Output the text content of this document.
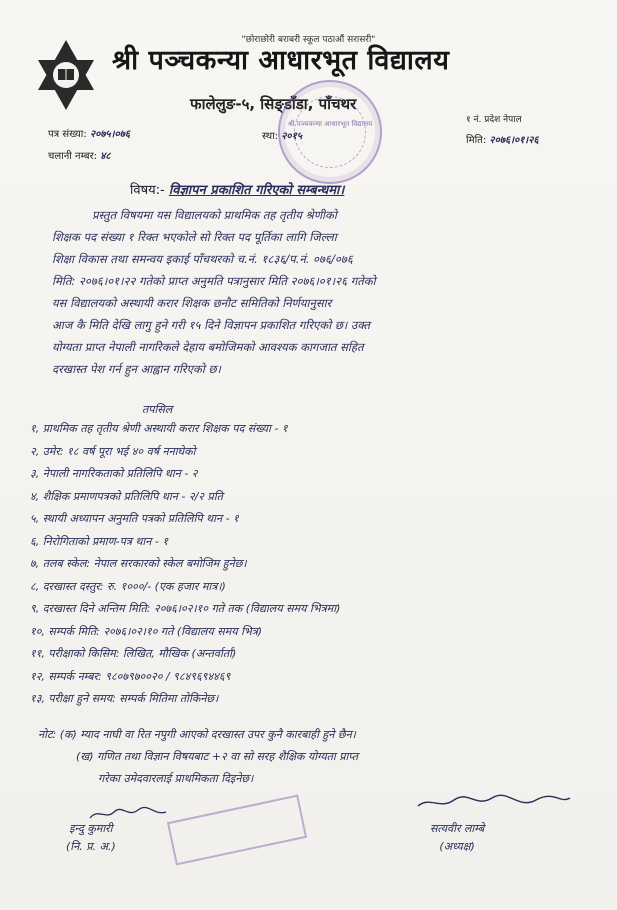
"छोराछोरी बराबरी स्कूल पठाऔं सरासरी"
श्री पञ्चकन्या आधारभूत विद्यालय
फालेलुङ-५, सिङ्डाँडा, पाँचथर
१ नं. प्रदेश नेपाल
श्री पञ्चकन्या आधारभूत विद्यालय
पत्र संख्या: २०७५।०७६
चलानी नम्बर: ४८
स्था: २०१५	मिति: २०७६।०१।२६
विषय:- विज्ञापन प्रकाशित गरिएको सम्बन्धमा।
प्रस्तुत विषयमा यस विद्यालयको प्राथमिक तह तृतीय श्रेणीको
शिक्षक पद संख्या १ रिक्त भएकोले सो रिक्त पद पूर्तिका लागि जिल्ला
शिक्षा विकास तथा समन्वय इकाई पाँचथरको च.नं. १८३६/प.नं. ०७६/०७६
मिति: २०७६।०१।२२ गतेको प्राप्त अनुमति पत्रानुसार मिति २०७६।०१।२६ गतेको
यस विद्यालयको अस्थायी करार शिक्षक छनौट समितिको निर्णयानुसार
आज कै मिति देखि लागु हुने गरी १५ दिने विज्ञापन प्रकाशित गरिएको छ। उक्त
योग्यता प्राप्त नेपाली नागरिकले देहाय बमोजिमको आवश्यक कागजात सहित
दरखास्त पेश गर्न हुन आह्वान गरिएको छ।
तपसिल
१, प्राथमिक तह तृतीय श्रेणी अस्थायी करार शिक्षक पद संख्या - १
२, उमेर: १८ वर्ष पूरा भई ४० वर्ष ननाघेको
३, नेपाली नागरिकताको प्रतिलिपि थान - २
४, शैक्षिक प्रमाणपत्रको प्रतिलिपि थान - २/२ प्रति
५, स्थायी अध्यापन अनुमति पत्रको प्रतिलिपि थान - १
६, निरोगिताको प्रमाण-पत्र थान - १
७, तलब स्केल: नेपाल सरकारको स्केल बमोजिम हुनेछ।
८, दरखास्त दस्तुर: रु. १०००/- (एक हजार मात्र।)
९, दरखास्त दिने अन्तिम मिति: २०७६।०२।१० गते तक (विद्यालय समय भित्रमा)
१०, सम्पर्क मिति: २०७६।०२।१० गते (विद्यालय समय भित्र)
११, परीक्षाको किसिम: लिखित, मौखिक (अन्तर्वार्ता)
१२, सम्पर्क नम्बर: ९८०७९७००२० / ९८४९६९४४६९
१३, परीक्षा हुने समय: सम्पर्क मितिमा तोकिनेछ।
नोट: (क) म्याद नाघी वा रित नपुगी आएको दरखास्त उपर कुनै कारबाही हुने छैन।
(ख) गणित तथा विज्ञान विषयबाट +२ वा सो सरह शैक्षिक योग्यता प्राप्त
गरेका उमेदवारलाई प्राथमिकता दिइनेछ।
इन्दु कुमारी
(नि. प्र. अ.)
सत्यवीर लाम्बे
(अध्यक्ष)
